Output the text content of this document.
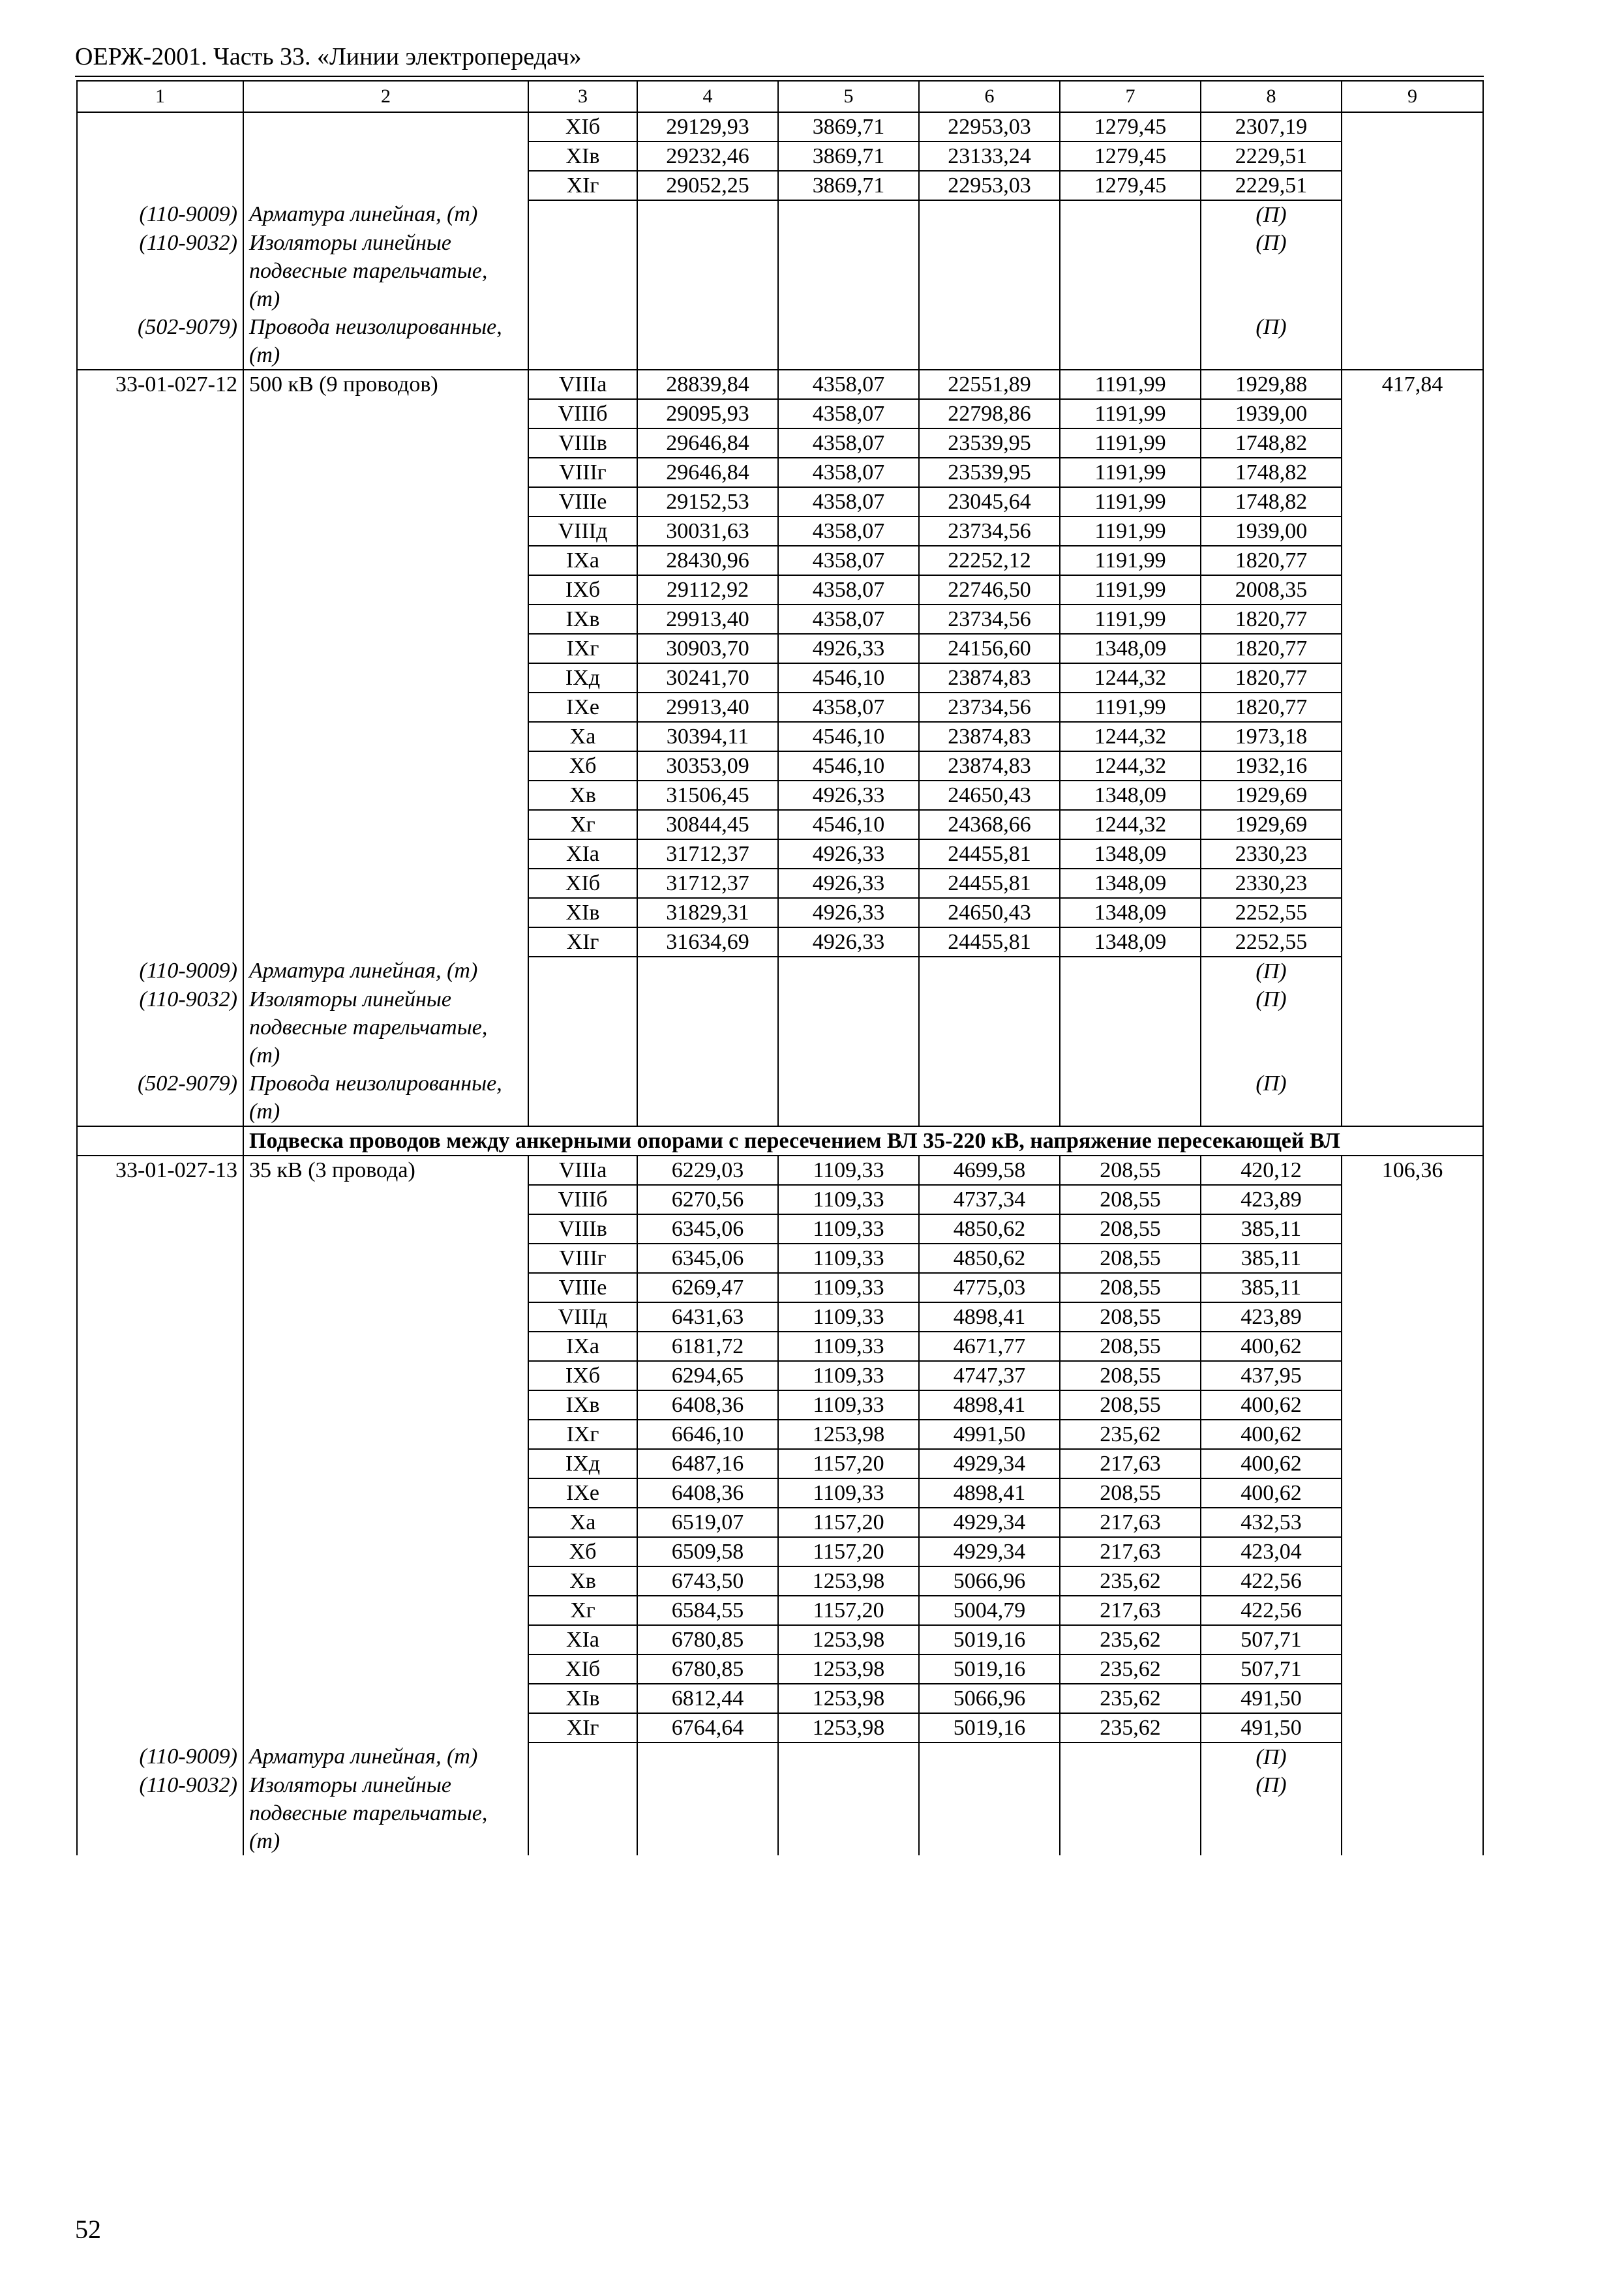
ОЕРЖ-2001. Часть 33. «Линии электропередач»
1	2	3	4	5	6	7	8	9
		XIб	29129,93	3869,71	22953,03	1279,45	2307,19	
		XIв	29232,46	3869,71	23133,24	1279,45	2229,51	
		XIг	29052,25	3869,71	22953,03	1279,45	2229,51	
(110-9009)	Арматура линейная, (т)						(П)	
(110-9032)	Изоляторы линейные подвесные тарельчатые, (т)						(П)	
(502-9079)	Провода неизолированные, (т)						(П)	
33-01-027-12	500 кВ (9 проводов)	VIIIа	28839,84	4358,07	22551,89	1191,99	1929,88	417,84
		VIIIб	29095,93	4358,07	22798,86	1191,99	1939,00	
		VIIIв	29646,84	4358,07	23539,95	1191,99	1748,82	
		VIIIг	29646,84	4358,07	23539,95	1191,99	1748,82	
		VIIIе	29152,53	4358,07	23045,64	1191,99	1748,82	
		VIIIд	30031,63	4358,07	23734,56	1191,99	1939,00	
		IXа	28430,96	4358,07	22252,12	1191,99	1820,77	
		IXб	29112,92	4358,07	22746,50	1191,99	2008,35	
		IXв	29913,40	4358,07	23734,56	1191,99	1820,77	
		IXг	30903,70	4926,33	24156,60	1348,09	1820,77	
		IXд	30241,70	4546,10	23874,83	1244,32	1820,77	
		IXе	29913,40	4358,07	23734,56	1191,99	1820,77	
		Xа	30394,11	4546,10	23874,83	1244,32	1973,18	
		Xб	30353,09	4546,10	23874,83	1244,32	1932,16	
		Xв	31506,45	4926,33	24650,43	1348,09	1929,69	
		Xг	30844,45	4546,10	24368,66	1244,32	1929,69	
		XIа	31712,37	4926,33	24455,81	1348,09	2330,23	
		XIб	31712,37	4926,33	24455,81	1348,09	2330,23	
		XIв	31829,31	4926,33	24650,43	1348,09	2252,55	
		XIг	31634,69	4926,33	24455,81	1348,09	2252,55	
(110-9009)	Арматура линейная, (т)						(П)	
(110-9032)	Изоляторы линейные подвесные тарельчатые, (т)						(П)	
(502-9079)	Провода неизолированные, (т)						(П)	
	Подвеска проводов между анкерными опорами с пересечением ВЛ 35-220 кВ, напряжение пересекающей ВЛ							
33-01-027-13	35 кВ (3 провода)	VIIIа	6229,03	1109,33	4699,58	208,55	420,12	106,36
		VIIIб	6270,56	1109,33	4737,34	208,55	423,89	
		VIIIв	6345,06	1109,33	4850,62	208,55	385,11	
		VIIIг	6345,06	1109,33	4850,62	208,55	385,11	
		VIIIе	6269,47	1109,33	4775,03	208,55	385,11	
		VIIIд	6431,63	1109,33	4898,41	208,55	423,89	
		IXа	6181,72	1109,33	4671,77	208,55	400,62	
		IXб	6294,65	1109,33	4747,37	208,55	437,95	
		IXв	6408,36	1109,33	4898,41	208,55	400,62	
		IXг	6646,10	1253,98	4991,50	235,62	400,62	
		IXд	6487,16	1157,20	4929,34	217,63	400,62	
		IXе	6408,36	1109,33	4898,41	208,55	400,62	
		Xа	6519,07	1157,20	4929,34	217,63	432,53	
		Xб	6509,58	1157,20	4929,34	217,63	423,04	
		Xв	6743,50	1253,98	5066,96	235,62	422,56	
		Xг	6584,55	1157,20	5004,79	217,63	422,56	
		XIа	6780,85	1253,98	5019,16	235,62	507,71	
		XIб	6780,85	1253,98	5019,16	235,62	507,71	
		XIв	6812,44	1253,98	5066,96	235,62	491,50	
		XIг	6764,64	1253,98	5019,16	235,62	491,50	
(110-9009)	Арматура линейная, (т)						(П)	
(110-9032)	Изоляторы линейные подвесные тарельчатые, (т)						(П)	
52
